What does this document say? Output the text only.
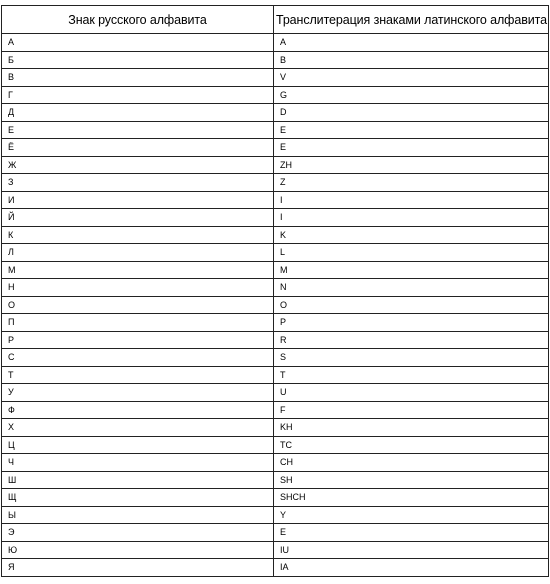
Знак русского алфавита	Транслитерация знаками латинского алфавита
А	A
Б	B
В	V
Г	G
Д	D
Е	E
Ё	E
Ж	ZH
З	Z
И	I
Й	I
К	K
Л	L
М	M
Н	N
О	O
П	P
Р	R
С	S
Т	T
У	U
Ф	F
Х	KH
Ц	TC
Ч	CH
Ш	SH
Щ	SHCH
Ы	Y
Э	E
Ю	IU
Я	IA
